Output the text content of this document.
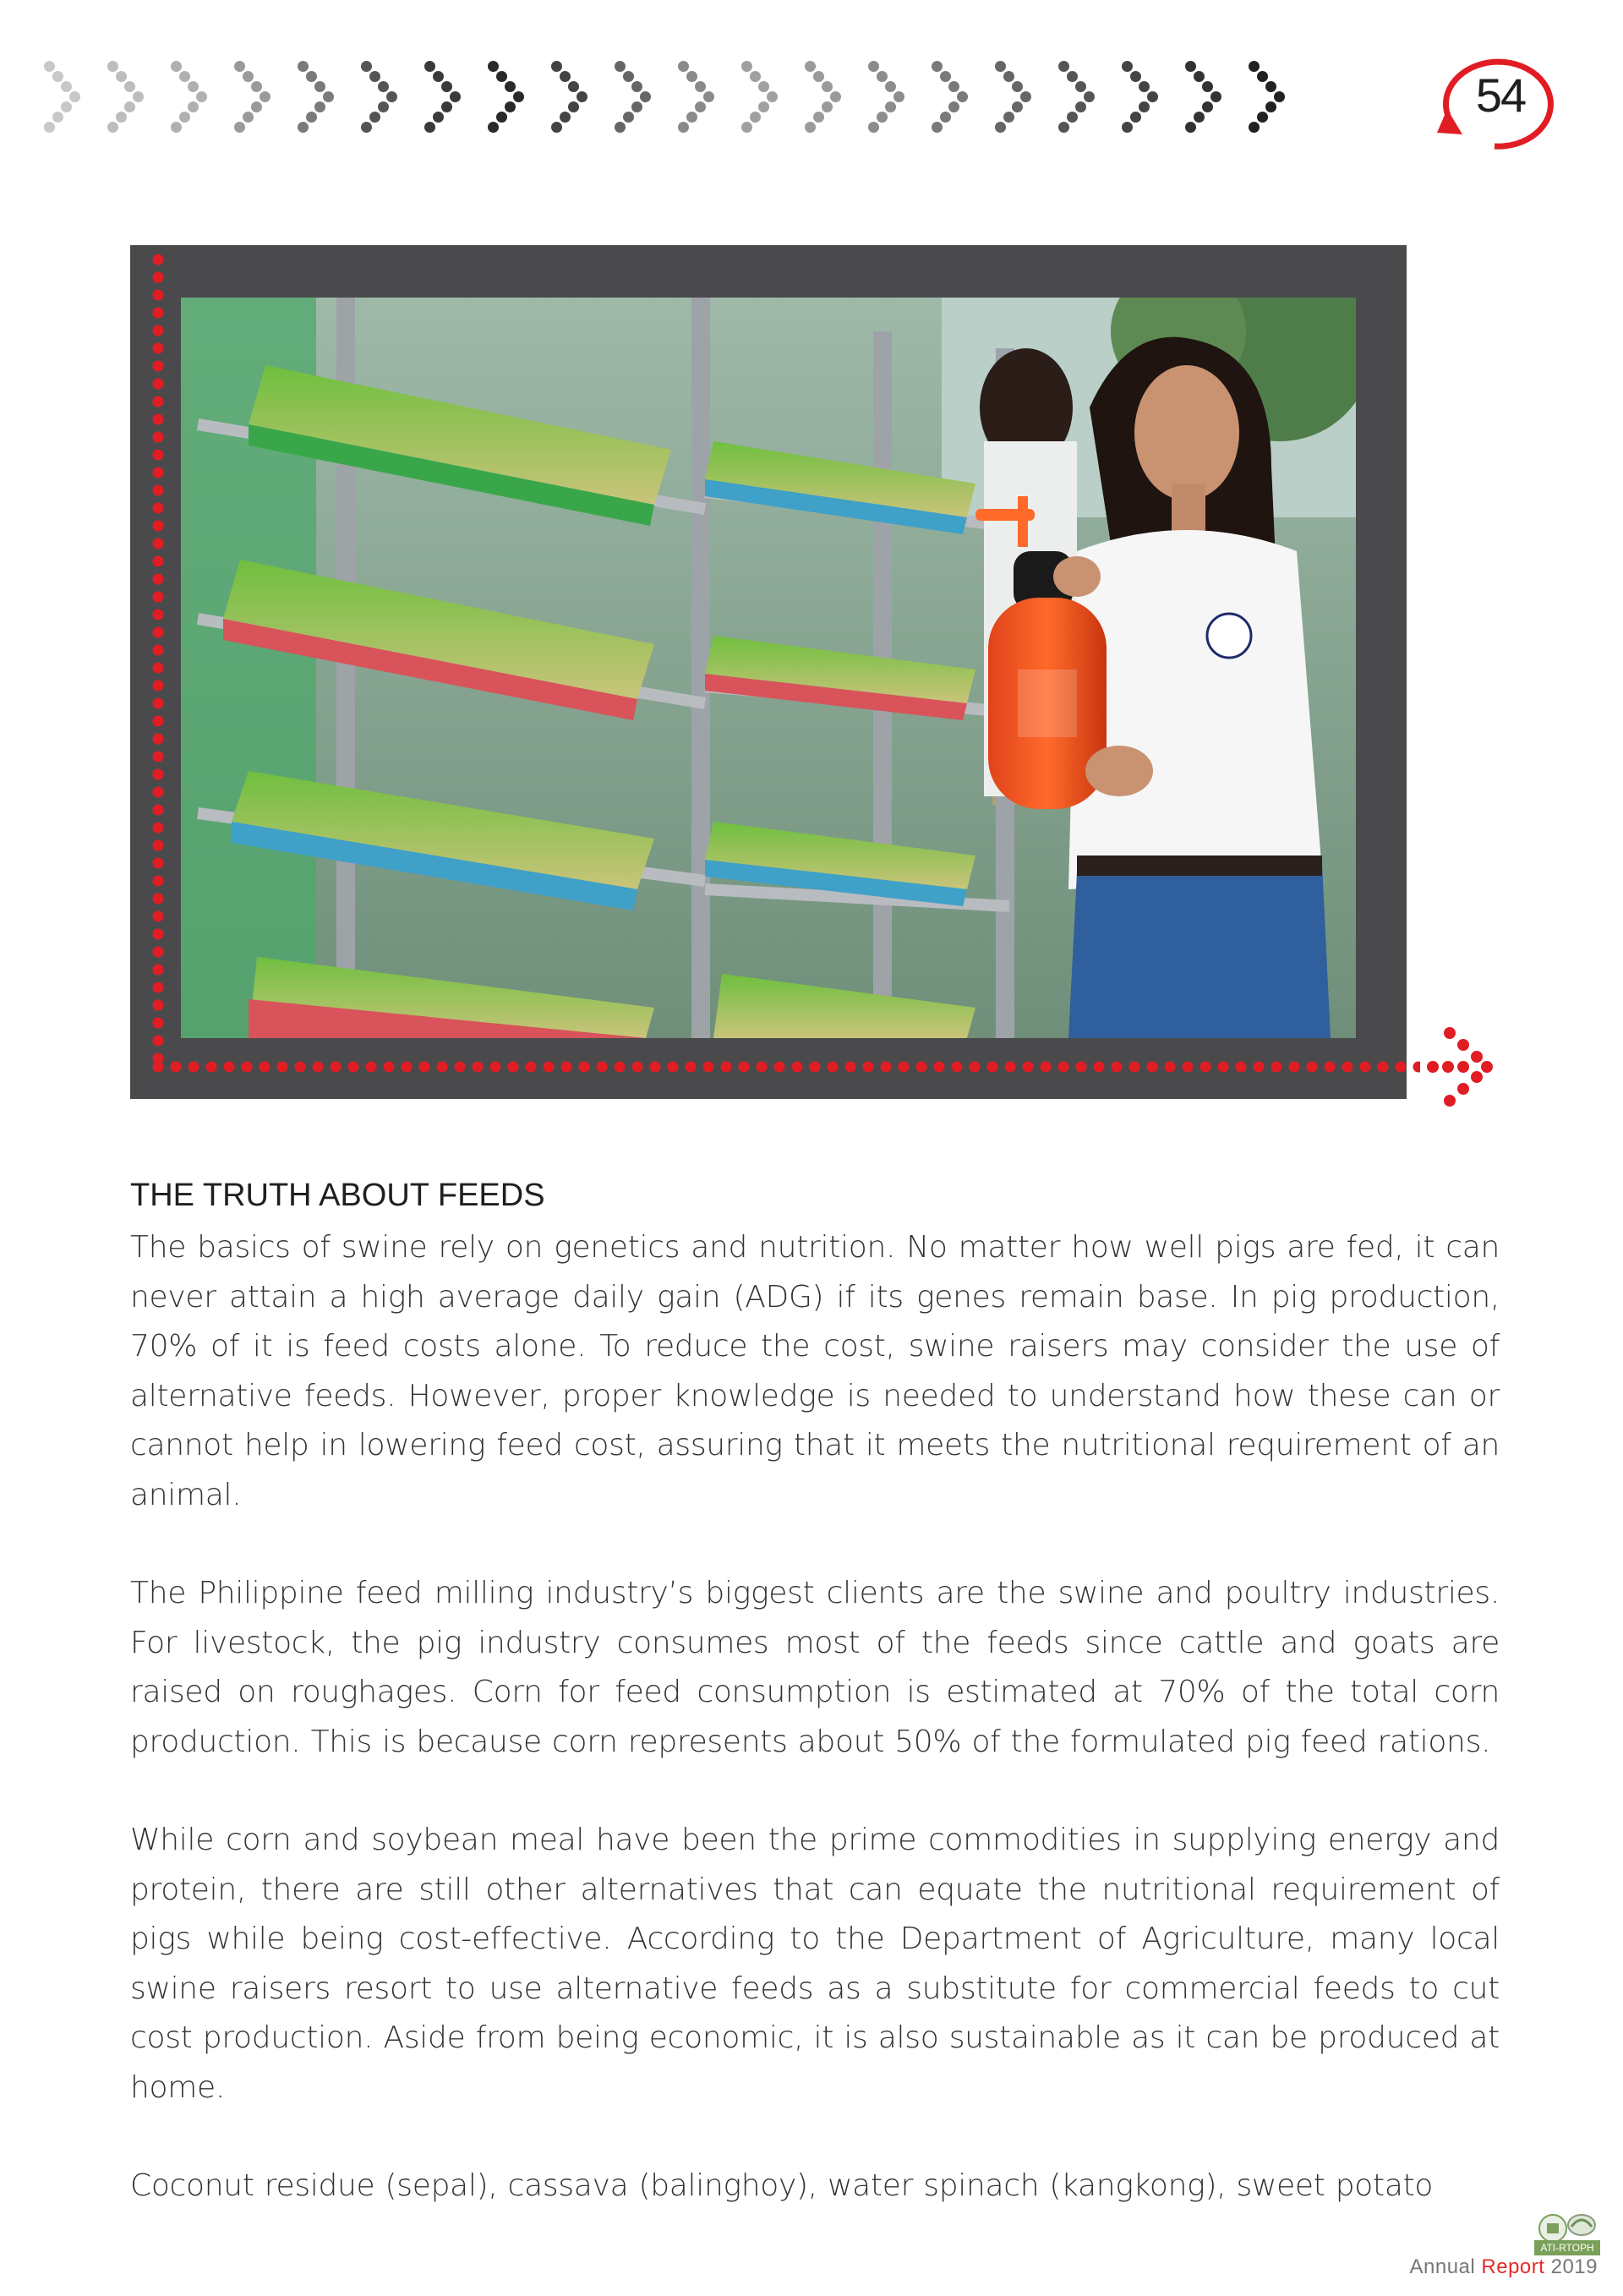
54
THE TRUTH ABOUT FEEDS

The basics of swine rely on genetics and nutrition. No matter how well pigs are fed, it can never attain a high average daily gain (ADG) if its genes remain base. In pig production, 70% of it is feed costs alone. To reduce the cost, swine raisers may consider the use of alternative feeds. However, proper knowledge is needed to understand how these can or cannot help in lowering feed cost, assuring that it meets the nutritional requirement of an animal.

The Philippine feed milling industry’s biggest clients are the swine and poultry industries. For livestock, the pig industry consumes most of the feeds since cattle and goats are raised on roughages. Corn for feed consumption is estimated at 70% of the total corn production. This is because corn represents about 50% of the formulated pig feed rations.

While corn and soybean meal have been the prime commodities in supplying energy and protein, there are still other alternatives that can equate the nutritional requirement of pigs while being cost-effective. According to the Department of Agriculture, many local swine raisers resort to use alternative feeds as a substitute for commercial feeds to cut cost production. Aside from being economic, it is also sustainable as it can be produced at home.

Coconut residue (sepal), cassava (balinghoy), water spinach (kangkong), sweet potato

ATI-RTOPH
Annual Report 2019
